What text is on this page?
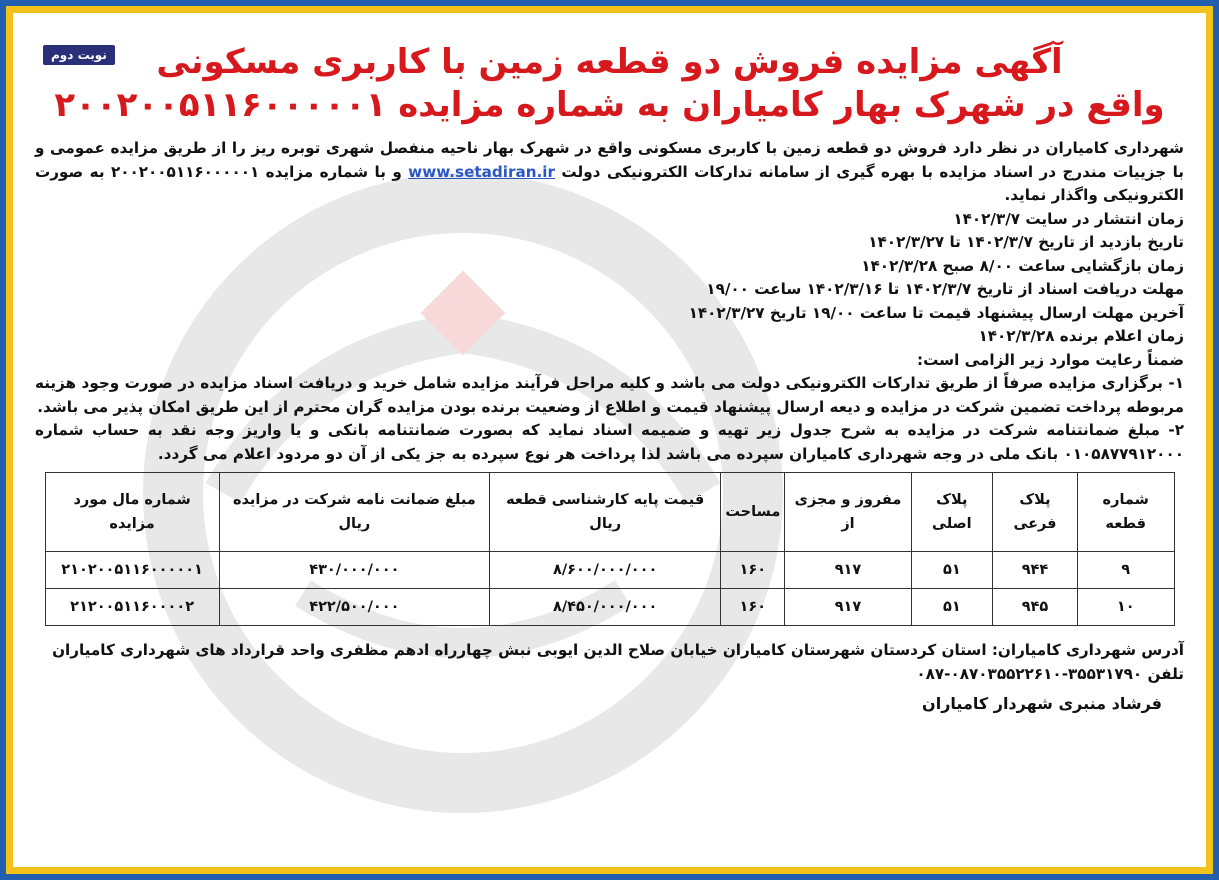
نوبت دوم	آگهی مزایده فروش دو قطعه زمین با کاربری مسکونی
واقع در شهرک بهار کامیاران به شماره مزایده ۲۰۰۲۰۰۵۱۱۶۰۰۰۰۰۱

شهرداری کامیاران در نظر دارد فروش دو قطعه زمین با کاربری مسکونی واقع در شهرک بهار ناحیه منفصل شهری توبره ریز را از طریق مزایده عمومی و با جزییات مندرج در اسناد مزایده با بهره گیری از سامانه تدارکات الکترونیکی دولت www.setadiran.ir و با شماره مزایده ۲۰۰۲۰۰۵۱۱۶۰۰۰۰۰۱ به صورت الکترونیکی واگذار نماید.

زمان انتشار در سایت ۱۴۰۲/۳/۷

تاریخ بازدید از تاریخ ۱۴۰۲/۳/۷ تا ۱۴۰۲/۳/۲۷

زمان بازگشایی ساعت ۸/۰۰ صبح ۱۴۰۲/۳/۲۸

مهلت دریافت اسناد از تاریخ ۱۴۰۲/۳/۷ تا ۱۴۰۲/۳/۱۶ ساعت ۱۹/۰۰

آخرین مهلت ارسال پیشنهاد قیمت تا ساعت ۱۹/۰۰ تاریخ ۱۴۰۲/۳/۲۷

زمان اعلام برنده ۱۴۰۲/۳/۲۸

ضمناً رعایت موارد زیر الزامی است:

۱- برگزاری مزایده صرفاً از طریق تدارکات الکترونیکی دولت می باشد و کلیه مراحل فرآیند مزایده شامل خرید و دریافت اسناد مزایده در صورت وجود هزینه مربوطه پرداخت تضمین شرکت در مزایده و دیعه ارسال پیشنهاد قیمت و اطلاع از وضعیت برنده بودن مزایده گران محترم از این طریق امکان پذیر می باشد.

۲- مبلغ ضمانتنامه شرکت در مزایده به شرح جدول زیر تهیه و ضمیمه اسناد نماید که بصورت ضمانتنامه بانکی و یا واریز وجه نقد به حساب شماره ۰۱۰۵۸۷۷۹۱۲۰۰۰ بانک ملی در وجه شهرداری کامیاران سپرده می باشد لذا پرداخت هر نوع سپرده به جز یکی از آن دو مردود اعلام می گردد.

شماره قطعه	پلاک فرعی	پلاک اصلی	مفروز و مجزی از	مساحت	قیمت پایه کارشناسی قطعه ریال	مبلغ ضمانت نامه شرکت در مزایده ریال	شماره مال مورد مزایده
۹	۹۴۴	۵۱	۹۱۷	۱۶۰	۸/۶۰۰/۰۰۰/۰۰۰	۴۳۰/۰۰۰/۰۰۰	۲۱۰۲۰۰۵۱۱۶۰۰۰۰۰۱
۱۰	۹۴۵	۵۱	۹۱۷	۱۶۰	۸/۴۵۰/۰۰۰/۰۰۰	۴۲۲/۵۰۰/۰۰۰	۲۱۲۰۰۵۱۱۶۰۰۰۰۲

آدرس شهرداری کامیاران: استان کردستان شهرستان کامیاران خیابان صلاح الدین ایوبی نبش چهارراه ادهم مظفری واحد قرارداد های شهرداری کامیاران

تلفن ۳۵۵۳۱۷۹۰-۰۸۷۰۳۵۵۲۲۶۱۰-۰۸۷

فرشاد منبری شهردار کامیاران
